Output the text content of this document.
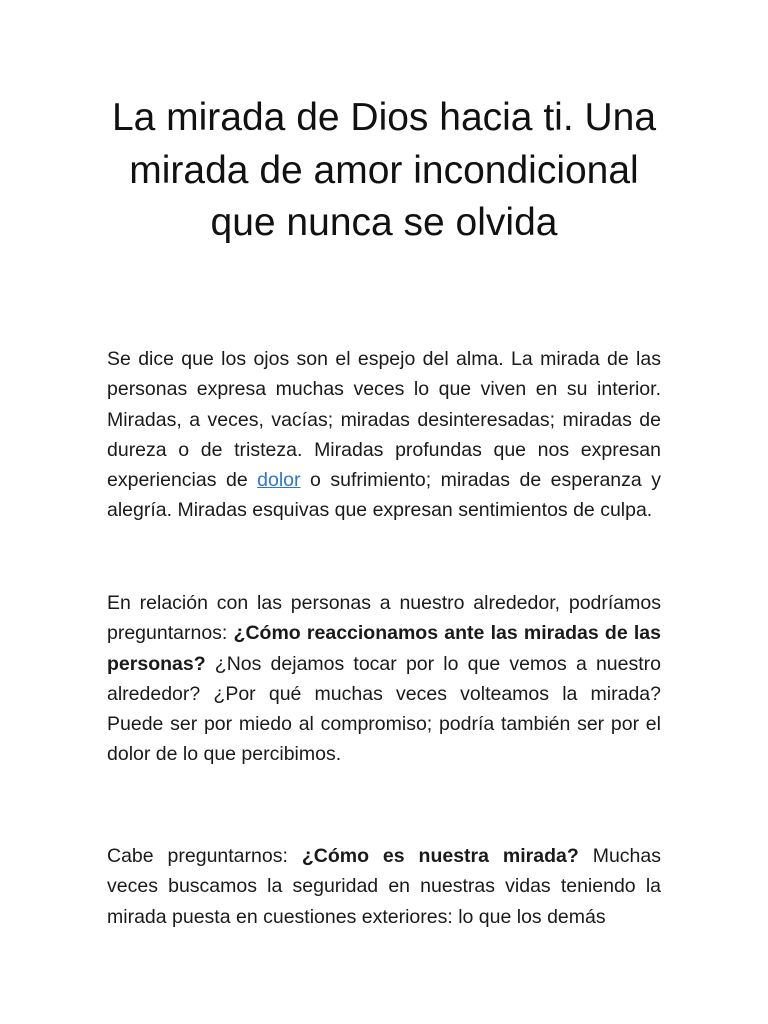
La mirada de Dios hacia ti. Una mirada de amor incondicional que nunca se olvida

Se dice que los ojos son el espejo del alma. La mirada de las personas expresa muchas veces lo que viven en su interior. Miradas, a veces, vacías; miradas desinteresadas; miradas de dureza o de tristeza. Miradas profundas que nos expresan experiencias de dolor o sufrimiento; miradas de esperanza y alegría. Miradas esquivas que expresan sentimientos de culpa.

En relación con las personas a nuestro alrededor, podríamos preguntarnos: ¿Cómo reaccionamos ante las miradas de las personas? ¿Nos dejamos tocar por lo que vemos a nuestro alrededor? ¿Por qué muchas veces volteamos la mirada? Puede ser por miedo al compromiso; podría también ser por el dolor de lo que percibimos.

Cabe preguntarnos: ¿Cómo es nuestra mirada? Muchas veces buscamos la seguridad en nuestras vidas teniendo la mirada puesta en cuestiones exteriores: lo que los demás
